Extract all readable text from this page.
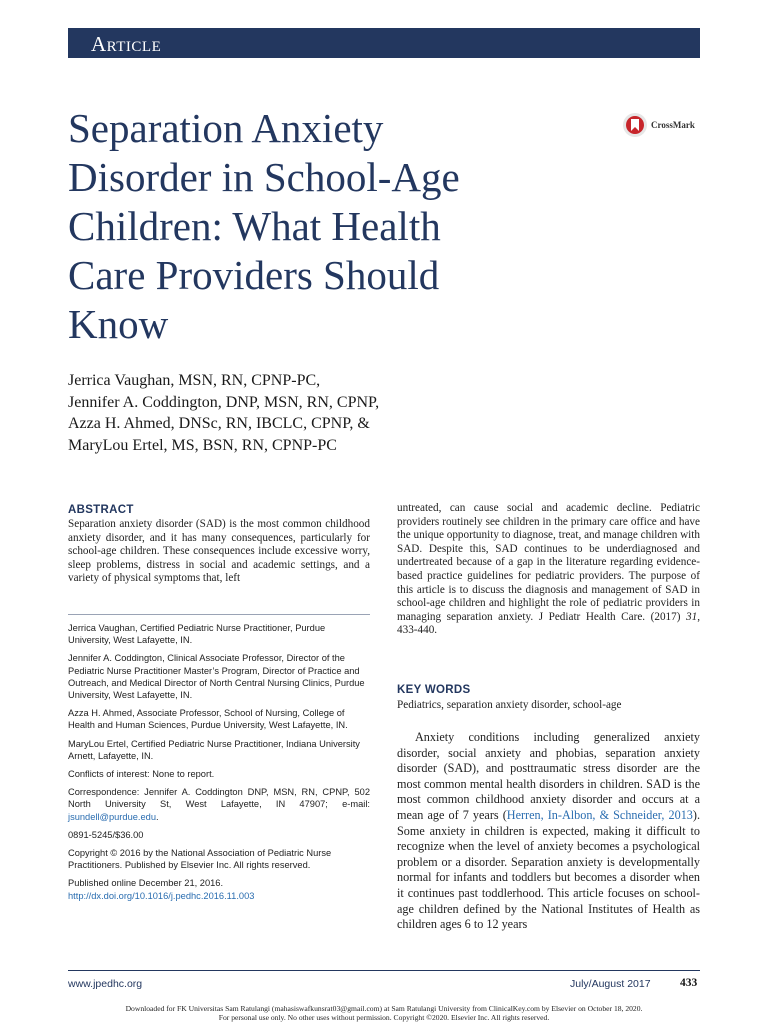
Article
Separation Anxiety
Disorder in School-Age
Children: What Health
Care Providers Should
Know
CrossMark
Jerrica Vaughan, MSN, RN, CPNP-PC,
Jennifer A. Coddington, DNP, MSN, RN, CPNP,
Azza H. Ahmed, DNSc, RN, IBCLC, CPNP, &
MaryLou Ertel, MS, BSN, RN, CPNP-PC
ABSTRACT
Separation anxiety disorder (SAD) is the most common childhood anxiety disorder, and it has many consequences, particularly for school-age children. These consequences include excessive worry, sleep problems, distress in social and academic settings, and a variety of physical symptoms that, left

Jerrica Vaughan, Certified Pediatric Nurse Practitioner, Purdue University, West Lafayette, IN.

Jennifer A. Coddington, Clinical Associate Professor, Director of the Pediatric Nurse Practitioner Master’s Program, Director of Practice and Outreach, and Medical Director of North Central Nursing Clinics, Purdue University, West Lafayette, IN.

Azza H. Ahmed, Associate Professor, School of Nursing, College of Health and Human Sciences, Purdue University, West Lafayette, IN.

MaryLou Ertel, Certified Pediatric Nurse Practitioner, Indiana University Arnett, Lafayette, IN.

Conflicts of interest: None to report.

Correspondence: Jennifer A. Coddington DNP, MSN, RN, CPNP, 502 North University St, West Lafayette, IN 47907; e-mail: jsundell@purdue.edu.

0891-5245/$36.00

Copyright © 2016 by the National Association of Pediatric Nurse Practitioners. Published by Elsevier Inc. All rights reserved.

Published online December 21, 2016.
http://dx.doi.org/10.1016/j.pedhc.2016.11.003

untreated, can cause social and academic decline. Pediatric providers routinely see children in the primary care office and have the unique opportunity to diagnose, treat, and manage children with SAD. Despite this, SAD continues to be underdiagnosed and undertreated because of a gap in the literature regarding evidence-based practice guidelines for pediatric providers. The purpose of this article is to discuss the diagnosis and management of SAD in school-age children and highlight the role of pediatric providers in managing separation anxiety. J Pediatr Health Care. (2017) 31, 433-440.

KEY WORDS
Pediatrics, separation anxiety disorder, school-age

Anxiety conditions including generalized anxiety disorder, social anxiety and phobias, separation anxiety disorder (SAD), and posttraumatic stress disorder are the most common mental health disorders in children. SAD is the most common childhood anxiety disorder and occurs at a mean age of 7 years (Herren, In-Albon, & Schneider, 2013). Some anxiety in children is expected, making it difficult to recognize when the level of anxiety becomes a psychological problem or a disorder. Separation anxiety is developmentally normal for infants and toddlers but becomes a disorder when it continues past toddlerhood. This article focuses on school-age children defined by the National Institutes of Health as children ages 6 to 12 years

www.jpedhc.org	July/August 2017	433
Downloaded for FK Universitas Sam Ratulangi (mahasiswafkunsrat03@gmail.com) at Sam Ratulangi University from ClinicalKey.com by Elsevier on October 18, 2020.
For personal use only. No other uses without permission. Copyright ©2020. Elsevier Inc. All rights reserved.
